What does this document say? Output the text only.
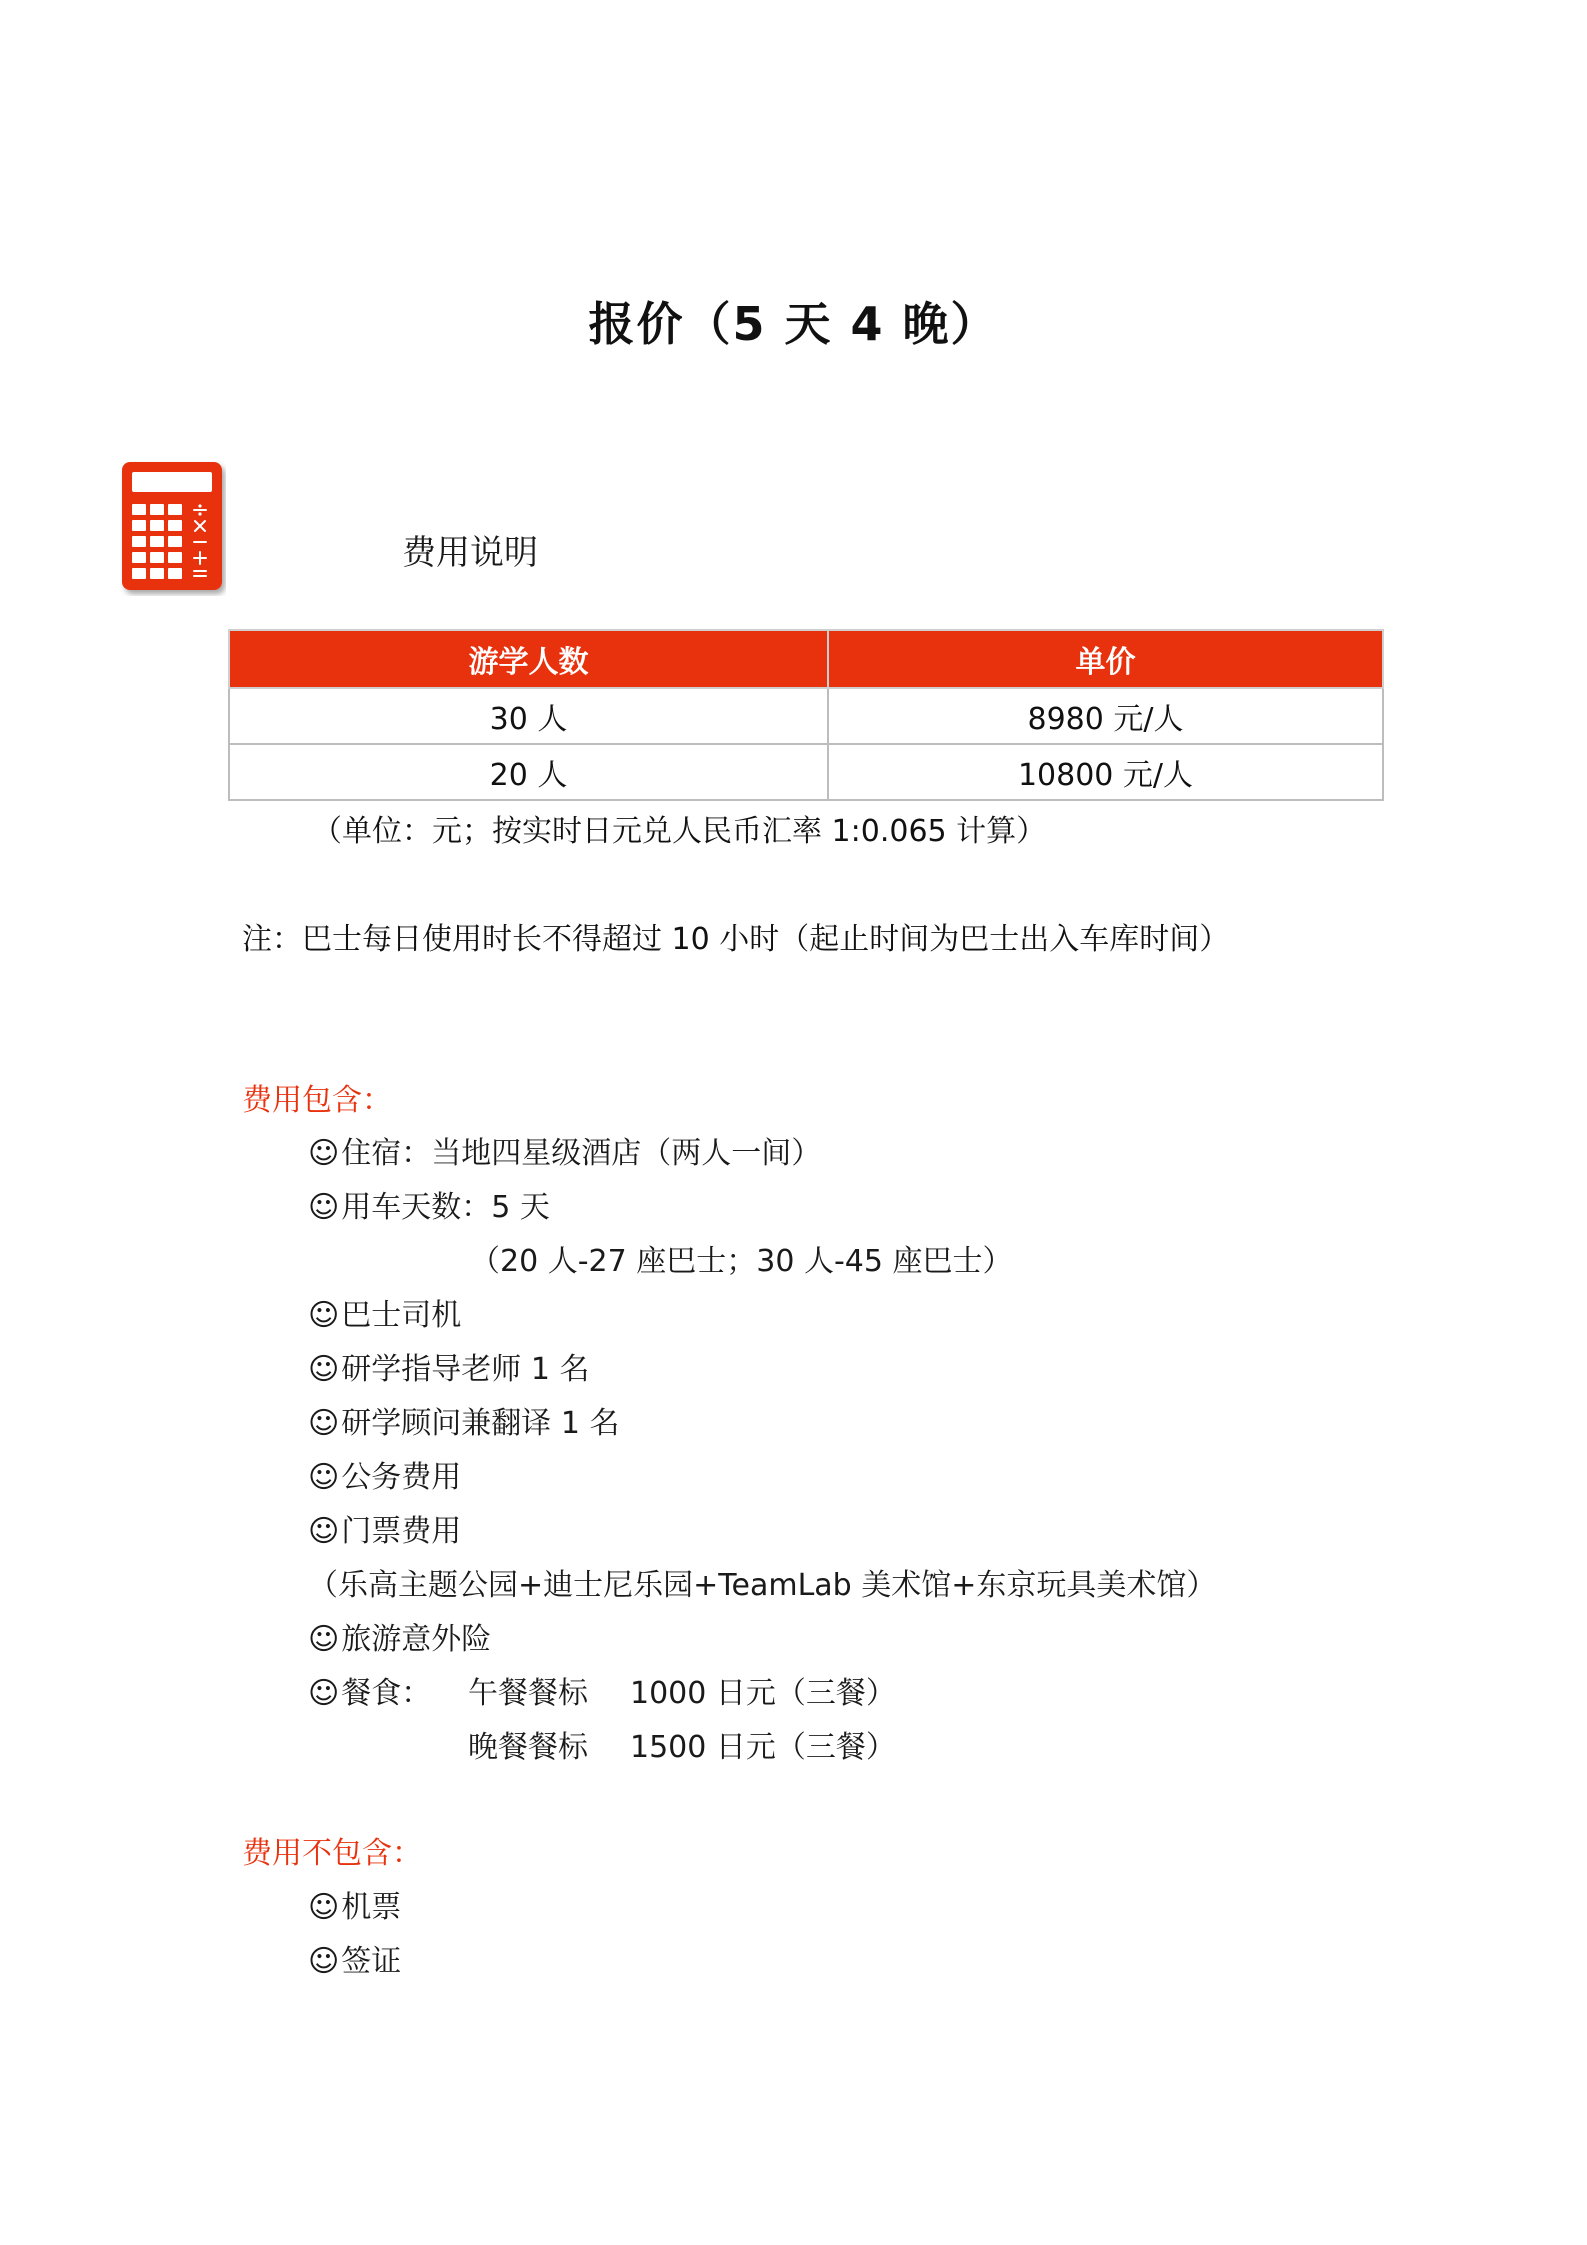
报价（5 天 4 晚）
费用说明
游学人数	单价
30 人	8980 元/人
20 人	10800 元/人
（单位：元；按实时日元兑人民币汇率 1:0.065 计算）
注：巴士每日使用时长不得超过 10 小时（起止时间为巴士出入车库时间）
费用包含：
☺住宿：当地四星级酒店（两人一间）
☺用车天数：5 天
（20 人-27 座巴士；30 人-45 座巴士）
☺巴士司机
☺研学指导老师 1 名
☺研学顾问兼翻译 1 名
☺公务费用
☺门票费用
（乐高主题公园+迪士尼乐园+TeamLab 美术馆+东京玩具美术馆）
☺旅游意外险
☺餐食： 午餐餐标 1000 日元（三餐）
晚餐餐标 1500 日元（三餐）
费用不包含：
☺机票
☺签证
